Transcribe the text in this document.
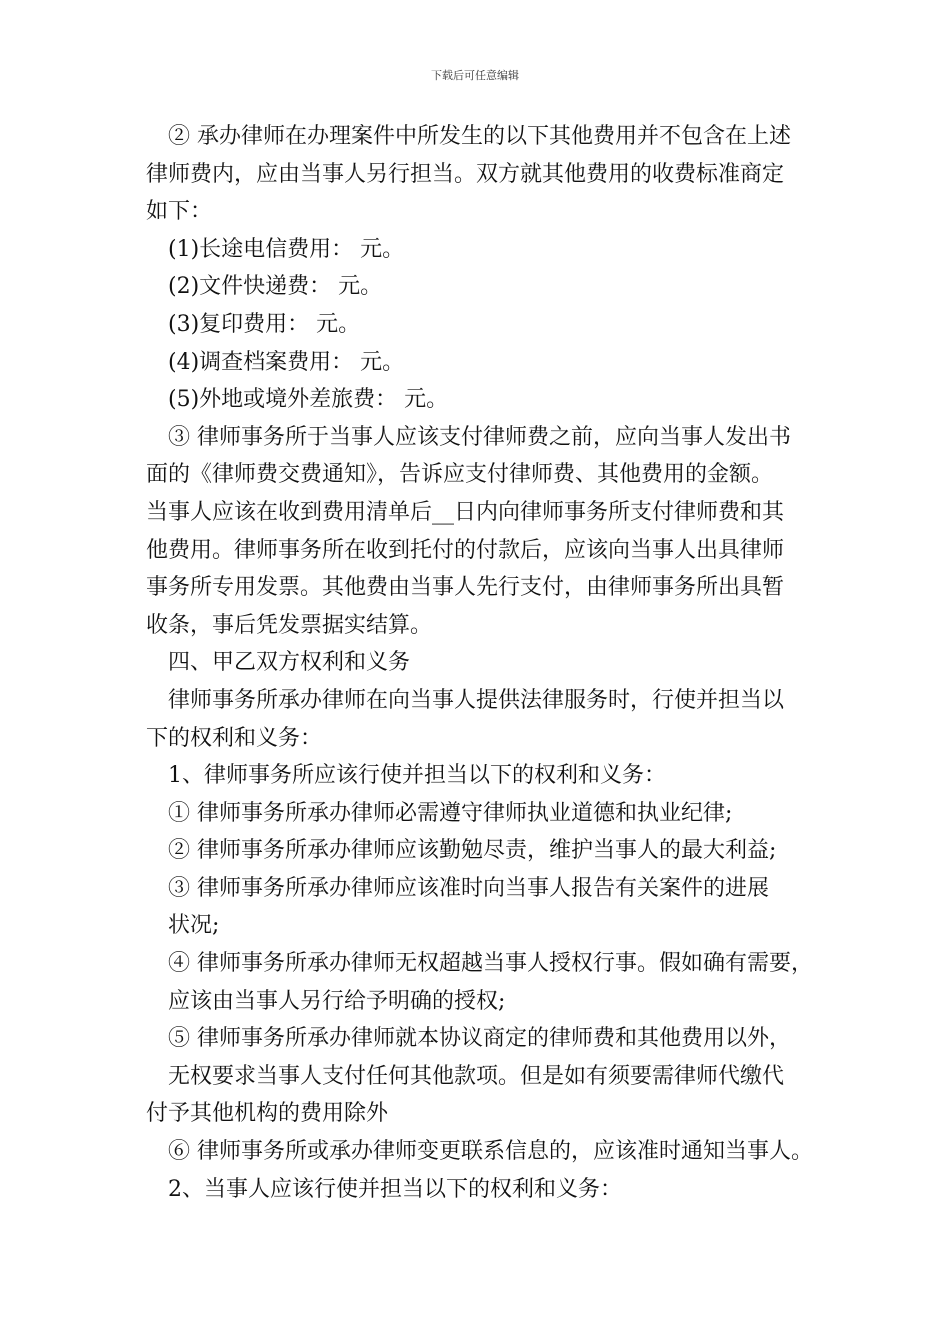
下载后可任意编辑
② 承办律师在办理案件中所发生的以下其他费用并不包含在上述
律师费内，应由当事人另行担当。双方就其他费用的收费标准商定
如下：
(1)长途电信费用： 元。
(2)文件快递费： 元。
(3)复印费用： 元。
(4)调查档案费用： 元。
(5)外地或境外差旅费： 元。
③ 律师事务所于当事人应该支付律师费之前，应向当事人发出书
面的《律师费交费通知》，告诉应支付律师费、其他费用的金额。
当事人应该在收到费用清单后__日内向律师事务所支付律师费和其
他费用。律师事务所在收到托付的付款后，应该向当事人出具律师
事务所专用发票。其他费由当事人先行支付，由律师事务所出具暂
收条，事后凭发票据实结算。
四、甲乙双方权利和义务
律师事务所承办律师在向当事人提供法律服务时，行使并担当以
下的权利和义务：
1、律师事务所应该行使并担当以下的权利和义务：
① 律师事务所承办律师必需遵守律师执业道德和执业纪律;
② 律师事务所承办律师应该勤勉尽责，维护当事人的最大利益;
③ 律师事务所承办律师应该准时向当事人报告有关案件的进展
状况;
④ 律师事务所承办律师无权超越当事人授权行事。假如确有需要，
应该由当事人另行给予明确的授权;
⑤ 律师事务所承办律师就本协议商定的律师费和其他费用以外，
无权要求当事人支付任何其他款项。但是如有须要需律师代缴代
付予其他机构的费用除外
⑥ 律师事务所或承办律师变更联系信息的，应该准时通知当事人。
2、当事人应该行使并担当以下的权利和义务：
